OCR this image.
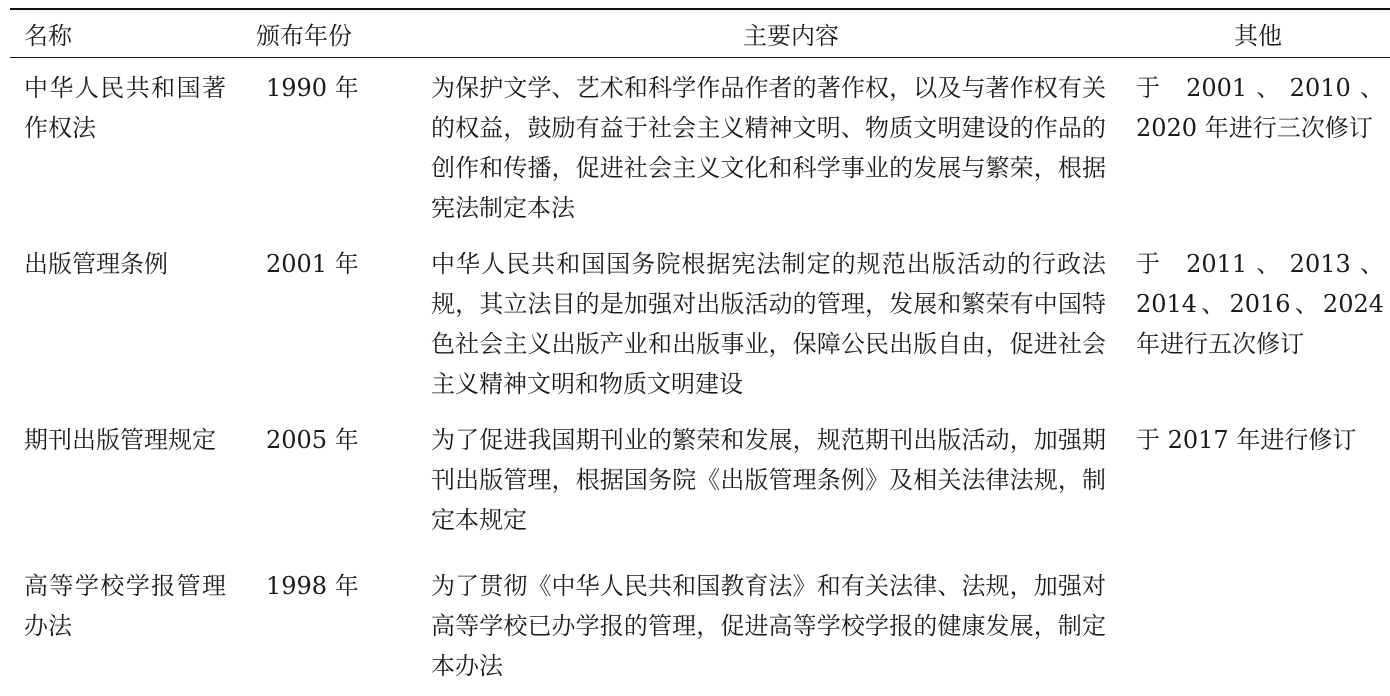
名称	颁布年份	主要内容	其他

中华人民共和国著作权法	1990 年	为保护文学、艺术和科学作品作者的著作权，以及与著作权有关的权益，鼓励有益于社会主义精神文明、物质文明建设的作品的创作和传播，促进社会主义文化和科学事业的发展与繁荣，根据宪法制定本法	于 2001、2010、2020 年进行三次修订

出版管理条例	2001 年	中华人民共和国国务院根据宪法制定的规范出版活动的行政法规，其立法目的是加强对出版活动的管理，发展和繁荣有中国特色社会主义出版产业和出版事业，保障公民出版自由，促进社会主义精神文明和物质文明建设	于 2011、2013、2014、2016、2024 年进行五次修订

期刊出版管理规定	2005 年	为了促进我国期刊业的繁荣和发展，规范期刊出版活动，加强期刊出版管理，根据国务院《出版管理条例》及相关法律法规，制定本规定	于 2017 年进行修订

高等学校学报管理办法	1998 年	为了贯彻《中华人民共和国教育法》和有关法律、法规，加强对高等学校已办学报的管理，促进高等学校学报的健康发展，制定本办法	
